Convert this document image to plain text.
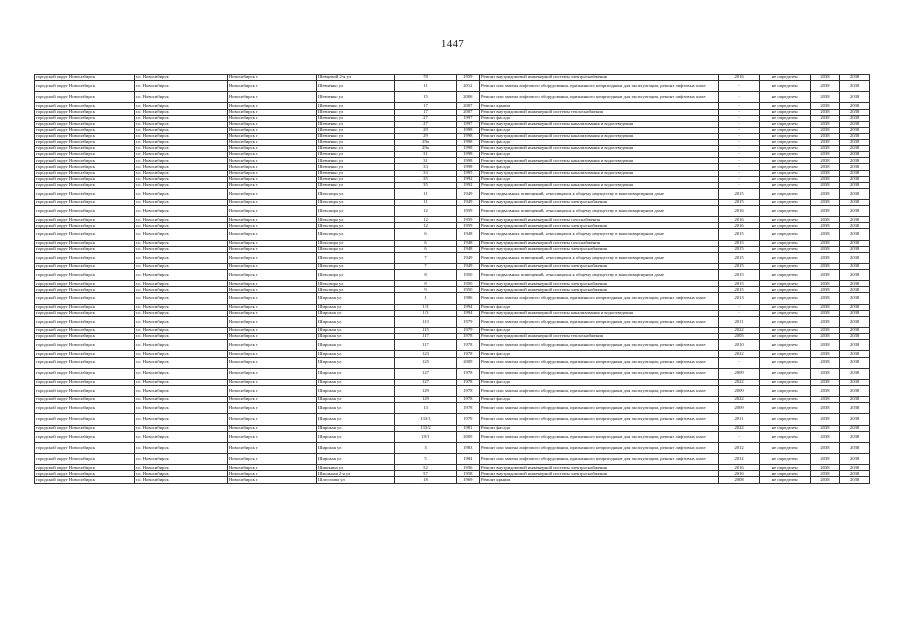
1447
городской округ Новосибирск	г.о. Новосибирск	Новосибирск г	Шевцовой 2-я ул	78	1959	Ремонт внутридомовой инженерной системы электроснабжения	2016	не определен	2038	2038
городской округ Новосибирск	г.о. Новосибирск	Новосибирск г	Шевченко ул	11	2012	Ремонт или замена лифтового оборудования, признанного непригодным для эксплуатации, ремонт лифтовых шахт	-	не определен	2038	2038
городской округ Новосибирск	г.о. Новосибирск	Новосибирск г	Шевченко ул	15	2006	Ремонт или замена лифтового оборудования, признанного непригодным для эксплуатации, ремонт лифтовых шахт	-	не определен	2038	2038
городской округ Новосибирск	г.о. Новосибирск	Новосибирск г	Шевченко ул	17	2007	Ремонт крыши	-	не определен	2038	2038
городской округ Новосибирск	г.о. Новосибирск	Новосибирск г	Шевченко ул	17	2007	Ремонт внутридомовой инженерной системы теплоснабжения	-	не определен	2038	2038
городской округ Новосибирск	г.о. Новосибирск	Новосибирск г	Шевченко ул	27	1997	Ремонт фасада	-	не определен	2038	2038
городской округ Новосибирск	г.о. Новосибирск	Новосибирск г	Шевченко ул	27	1997	Ремонт внутридомовой инженерной системы канализования и водоотведения	-	не определен	2038	2038
городской округ Новосибирск	г.о. Новосибирск	Новосибирск г	Шевченко ул	29	1998	Ремонт фасада	-	не определен	2038	2038
городской округ Новосибирск	г.о. Новосибирск	Новосибирск г	Шевченко ул	29	1998	Ремонт внутридомовой инженерной системы канализования и водоотведения	-	не определен	2038	2038
городской округ Новосибирск	г.о. Новосибирск	Новосибирск г	Шевченко ул	29а	1998	Ремонт фасада	-	не определен	2038	2038
городской округ Новосибирск	г.о. Новосибирск	Новосибирск г	Шевченко ул	29а	1998	Ремонт внутридомовой инженерной системы канализования и водоотведения	-	не определен	2038	2038
городской округ Новосибирск	г.о. Новосибирск	Новосибирск г	Шевченко ул	31	1998	Ремонт фасада	-	не определен	2038	2038
городской округ Новосибирск	г.о. Новосибирск	Новосибирск г	Шевченко ул	31	1998	Ремонт внутридомовой инженерной системы канализования и водоотведения	-	не определен	2038	2038
городской округ Новосибирск	г.о. Новосибирск	Новосибирск г	Шевченко ул	33	1998	Ремонт фасада	-	не определен	2038	2038
городской округ Новосибирск	г.о. Новосибирск	Новосибирск г	Шевченко ул	33	1995	Ремонт внутридомовой инженерной системы канализования и водоотведения	-	не определен	2038	2038
городской округ Новосибирск	г.о. Новосибирск	Новосибирск г	Шевченко ул	35	1992	Ремонт фасада	-	не определен	2038	2038
городской округ Новосибирск	г.о. Новосибирск	Новосибирск г	Шевченко ул	35	1992	Ремонт внутридомовой инженерной системы канализования и водоотведения	-	не определен	2038	2038
городской округ Новосибирск	г.о. Новосибирск	Новосибирск г	Шекспира ул	11	1949	Ремонт подвальных помещений, относящихся к общему имуществу в многоквартирном доме	2015	не определен	2038	2038
городской округ Новосибирск	г.о. Новосибирск	Новосибирск г	Шекспира ул	11	1949	Ремонт внутридомовой инженерной системы электроснабжения	2015	не определен	2038	2038
городской округ Новосибирск	г.о. Новосибирск	Новосибирск г	Шекспира ул	12	1959	Ремонт подвальных помещений, относящихся к общему имуществу в многоквартирном доме	2016	не определен	2038	2038
городской округ Новосибирск	г.о. Новосибирск	Новосибирск г	Шекспира ул	12	1959	Ремонт внутридомовой инженерной системы газоснабжения	2016	не определен	2038	2038
городской округ Новосибирск	г.о. Новосибирск	Новосибирск г	Шекспира ул	12	1959	Ремонт внутридомовой инженерной системы электроснабжения	2016	не определен	2038	2038
городской округ Новосибирск	г.о. Новосибирск	Новосибирск г	Шекспира ул	6	1948	Ремонт подвальных помещений, относящихся к общему имуществу в многоквартирном доме	2015	не определен	2038	2038
городской округ Новосибирск	г.о. Новосибирск	Новосибирск г	Шекспира ул	6	1948	Ремонт внутридомовой инженерной системы газоснабжения	2015	не определен	2038	2038
городской округ Новосибирск	г.о. Новосибирск	Новосибирск г	Шекспира ул	6	1948	Ремонт внутридомовой инженерной системы электроснабжения	2015	не определен	2038	2038
городской округ Новосибирск	г.о. Новосибирск	Новосибирск г	Шекспира ул	7	1949	Ремонт подвальных помещений, относящихся к общему имуществу в многоквартирном доме	2015	не определен	2038	2038
городской округ Новосибирск	г.о. Новосибирск	Новосибирск г	Шекспира ул	7	1949	Ремонт внутридомовой инженерной системы электроснабжения	2015	не определен	2038	2038
городской округ Новосибирск	г.о. Новосибирск	Новосибирск г	Шекспира ул	8	1950	Ремонт подвальных помещений, относящихся к общему имуществу в многоквартирном доме	2015	не определен	2038	2038
городской округ Новосибирск	г.о. Новосибирск	Новосибирск г	Шекспира ул	8	1950	Ремонт внутридомовой инженерной системы электроснабжения	2015	не определен	2038	2038
городской округ Новосибирск	г.о. Новосибирск	Новосибирск г	Шекспира ул	9	1950	Ремонт внутридомовой инженерной системы электроснабжения	2015	не определен	2038	2038
городской округ Новосибирск	г.о. Новосибирск	Новосибирск г	Широкая ул	1	1986	Ремонт или замена лифтового оборудования, признанного непригодным для эксплуатации, ремонт лифтовых шахт	2013	не определен	2038	2038
городской округ Новосибирск	г.о. Новосибирск	Новосибирск г	Широкая ул	1/3	1994	Ремонт фасада	-	не определен	2038	2038
городской округ Новосибирск	г.о. Новосибирск	Новосибирск г	Широкая ул	1/3	1994	Ремонт внутридомовой инженерной системы канализования и водоотведения	-	не определен	2038	2038
городской округ Новосибирск	г.о. Новосибирск	Новосибирск г	Широкая ул	113	1979	Ремонт или замена лифтового оборудования, признанного непригодным для эксплуатации, ремонт лифтовых шахт	2011	не определен	2038	2038
городской округ Новосибирск	г.о. Новосибирск	Новосибирск г	Широкая ул	115	1979	Ремонт фасада	2022	не определен	2038	2038
городской округ Новосибирск	г.о. Новосибирск	Новосибирск г	Широкая ул	117	1978	Ремонт внутридомовой инженерной системы теплоснабжения	2005	не определен	2038	2038
городской округ Новосибирск	г.о. Новосибирск	Новосибирск г	Широкая ул	117	1978	Ремонт или замена лифтового оборудования, признанного непригодным для эксплуатации, ремонт лифтовых шахт	2010	не определен	2038	2038
городской округ Новосибирск	г.о. Новосибирск	Новосибирск г	Широкая ул	123	1978	Ремонт фасада	2022	не определен	2038	2038
городской округ Новосибирск	г.о. Новосибирск	Новосибирск г	Широкая ул	125	2009	Ремонт или замена лифтового оборудования, признанного непригодным для эксплуатации, ремонт лифтовых шахт	-	не определен	2038	2038
городской округ Новосибирск	г.о. Новосибирск	Новосибирск г	Широкая ул	127	1978	Ремонт или замена лифтового оборудования, признанного непригодным для эксплуатации, ремонт лифтовых шахт	2009	не определен	2038	2038
городской округ Новосибирск	г.о. Новосибирск	Новосибирск г	Широкая ул	127	1978	Ремонт фасада	2022	не определен	2038	2038
городской округ Новосибирск	г.о. Новосибирск	Новосибирск г	Широкая ул	129	1978	Ремонт или замена лифтового оборудования, признанного непригодным для эксплуатации, ремонт лифтовых шахт	2009	не определен	2038	2038
городской округ Новосибирск	г.о. Новосибирск	Новосибирск г	Широкая ул	129	1978	Ремонт фасада	2022	не определен	2038	2038
городской округ Новосибирск	г.о. Новосибирск	Новосибирск г	Широкая ул	13	1978	Ремонт или замена лифтового оборудования, признанного непригодным для эксплуатации, ремонт лифтовых шахт	2009	не определен	2038	2038
городской округ Новосибирск	г.о. Новосибирск	Новосибирск г	Широкая ул	133/1	1979	Ремонт или замена лифтового оборудования, признанного непригодным для эксплуатации, ремонт лифтовых шахт	2011	не определен	2038	2038
городской округ Новосибирск	г.о. Новосибирск	Новосибирск г	Широкая ул	133/2	1981	Ремонт фасада	2022	не определен	2038	2038
городской округ Новосибирск	г.о. Новосибирск	Новосибирск г	Широкая ул	19/1	2009	Ремонт или замена лифтового оборудования, признанного непригодным для эксплуатации, ремонт лифтовых шахт	-	не определен	2038	2038
городской округ Новосибирск	г.о. Новосибирск	Новосибирск г	Широкая ул	3	1983	Ремонт или замена лифтового оборудования, признанного непригодным для эксплуатации, ремонт лифтовых шахт	2012	не определен	2038	2038
городской округ Новосибирск	г.о. Новосибирск	Новосибирск г	Широкая ул	5	1984	Ремонт или замена лифтового оборудования, признанного непригодным для эксплуатации, ремонт лифтовых шахт	2012	не определен	2038	2038
городской округ Новосибирск	г.о. Новосибирск	Новосибирск г	Шишкина ул	52	1956	Ремонт внутридомовой инженерной системы электроснабжения	2016	не определен	2038	2038
городской округ Новосибирск	г.о. Новосибирск	Новосибирск г	Школьная 2-я ул	57	1958	Ремонт внутридомовой инженерной системы электроснабжения	2016	не определен	2038	2038
городской округ Новосибирск	г.о. Новосибирск	Новосибирск г	Шлгоэзова ул	18	1969	Ремонт крыши	2008	не определен	2038	2038
